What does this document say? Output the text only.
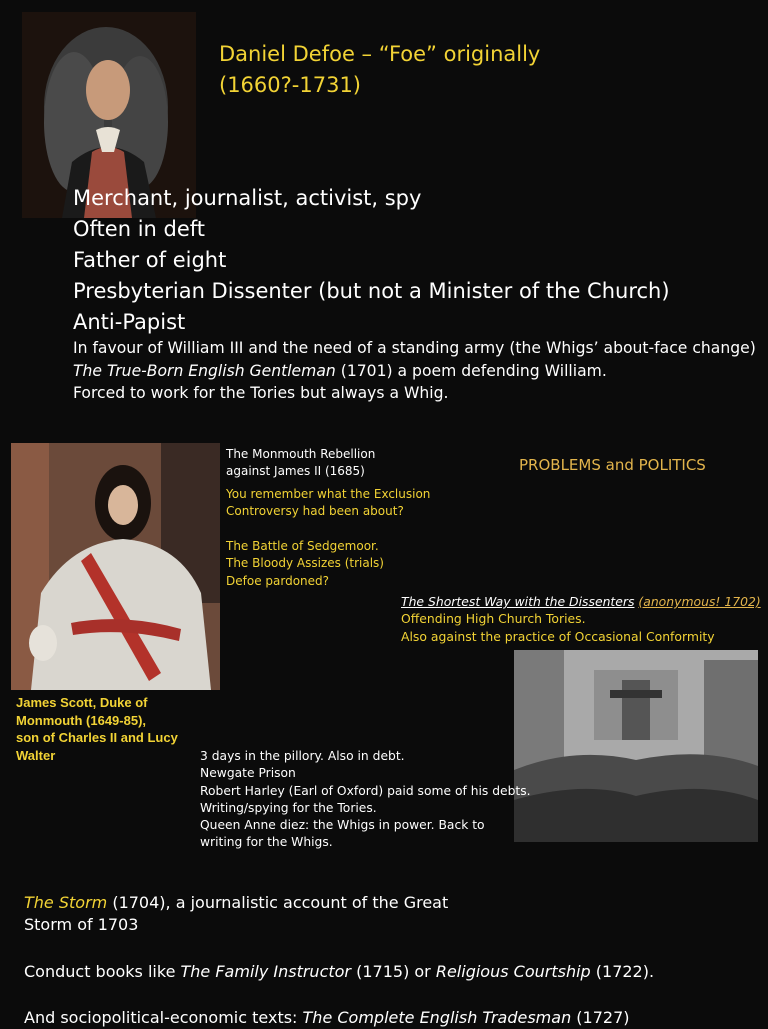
Daniel Defoe – “Foe” originally
(1660?-1731)
Merchant, journalist, activist, spy
Often in deft
Father of eight
Presbyterian Dissenter (but not a Minister of the Church)
Anti-Papist
In favour of William III and the need of a standing army (the Whigs’ about-face change)
The True-Born English Gentleman (1701) a poem defending William.
Forced to work for the Tories but always a Whig.
The Monmouth Rebellion
against James II (1685)
You remember what the Exclusion
Controversy had been about?
The Battle of Sedgemoor.
The Bloody Assizes (trials)
Defoe pardoned?
PROBLEMS and POLITICS
James Scott, Duke of
Monmouth (1649-85),
son of Charles II and Lucy
Walter
The Shortest Way with the Dissenters (anonymous! 1702)
Offending High Church Tories.
Also against the practice of Occasional Conformity
3 days in the pillory. Also in debt.
Newgate Prison
Robert Harley (Earl of Oxford) paid some of his debts.
Writing/spying for the Tories.
Queen Anne diez: the Whigs in power. Back to
writing for the Whigs.
The Storm (1704), a journalistic account of the Great
Storm of 1703
Conduct books like The Family Instructor (1715) or Religious Courtship (1722).
And sociopolitical-economic texts: The Complete English Tradesman (1727)
